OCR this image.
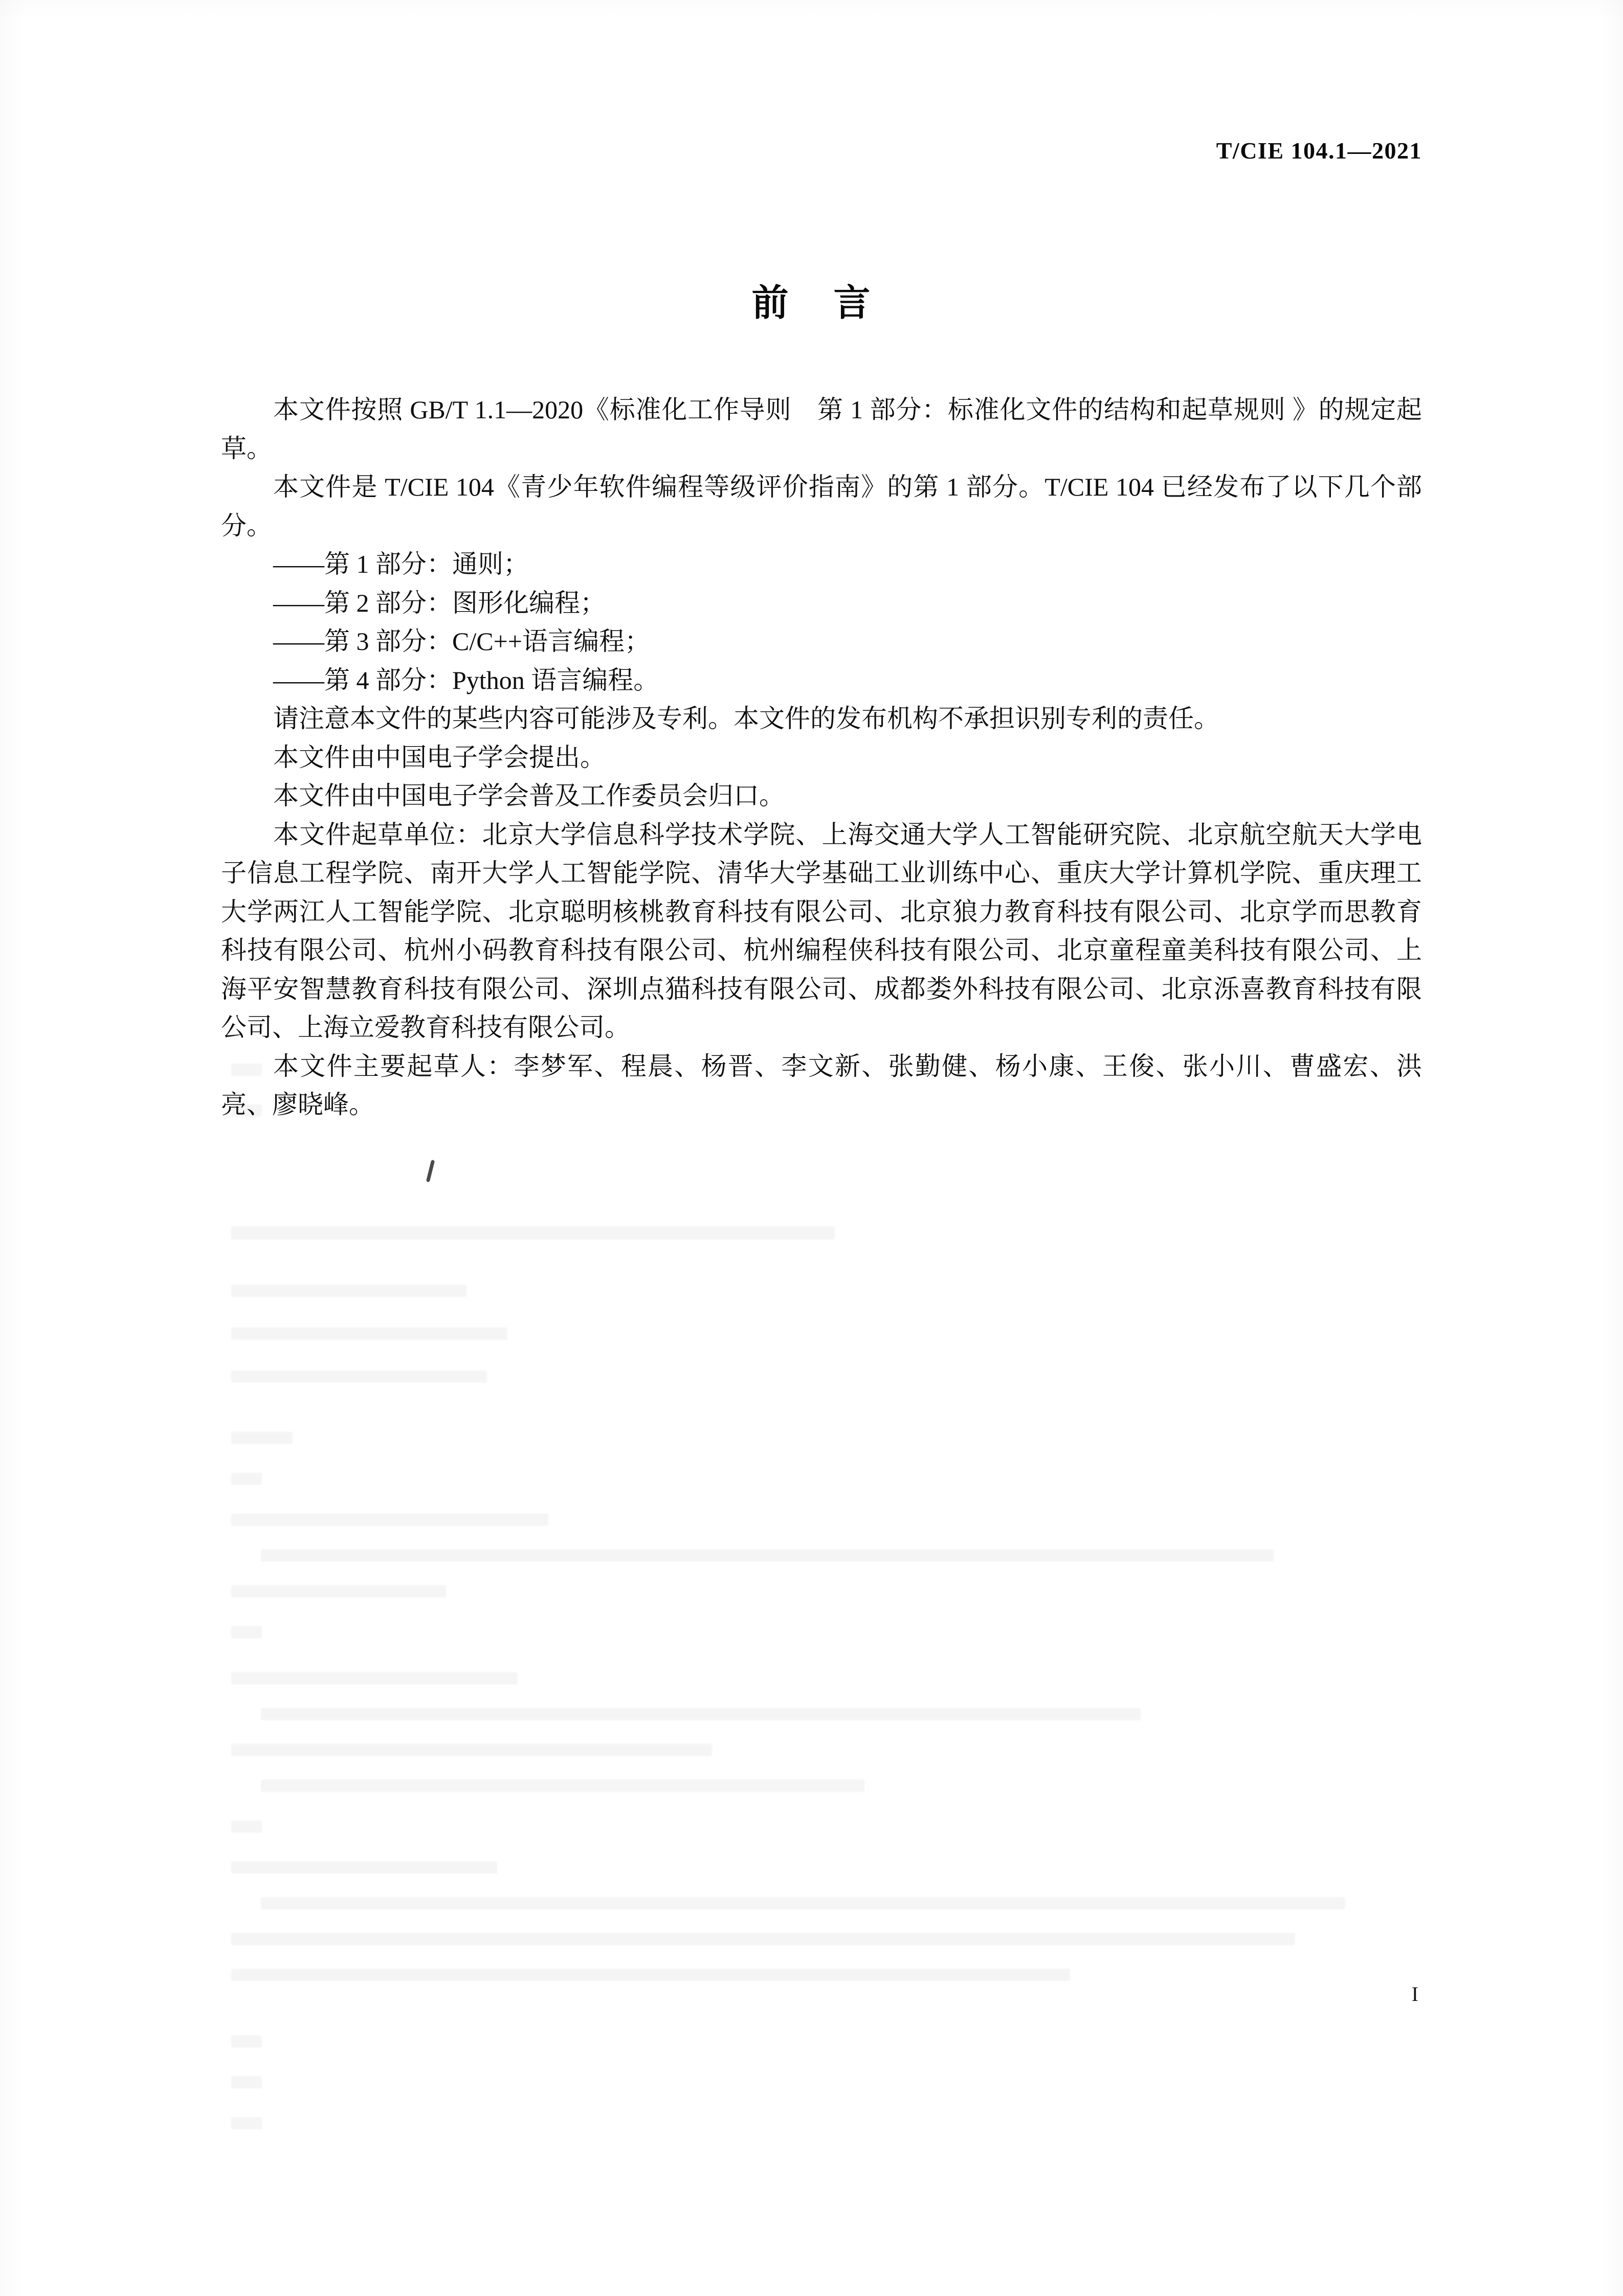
T/CIE 104.1—2021
前 言

本文件按照 GB/T 1.1—2020《标准化工作导则　第 1 部分：标准化文件的结构和起草规则 》的规定起草。

本文件是 T/CIE 104《青少年软件编程等级评价指南》的第 1 部分。T/CIE 104 已经发布了以下几个部分。

——第 1 部分：通则；

——第 2 部分：图形化编程；

——第 3 部分：C/C++语言编程；

——第 4 部分：Python 语言编程。

请注意本文件的某些内容可能涉及专利。本文件的发布机构不承担识别专利的责任。

本文件由中国电子学会提出。

本文件由中国电子学会普及工作委员会归口。

本文件起草单位：北京大学信息科学技术学院、上海交通大学人工智能研究院、北京航空航天大学电子信息工程学院、南开大学人工智能学院、清华大学基础工业训练中心、重庆大学计算机学院、重庆理工大学两江人工智能学院、北京聪明核桃教育科技有限公司、北京狼力教育科技有限公司、北京学而思教育科技有限公司、杭州小码教育科技有限公司、杭州编程侠科技有限公司、北京童程童美科技有限公司、上海平安智慧教育科技有限公司、深圳点猫科技有限公司、成都娄外科技有限公司、北京泺喜教育科技有限公司、上海立爱教育科技有限公司。

本文件主要起草人：李梦军、程晨、杨晋、李文新、张勤健、杨小康、王俊、张小川、曹盛宏、洪亮、廖晓峰。

I
